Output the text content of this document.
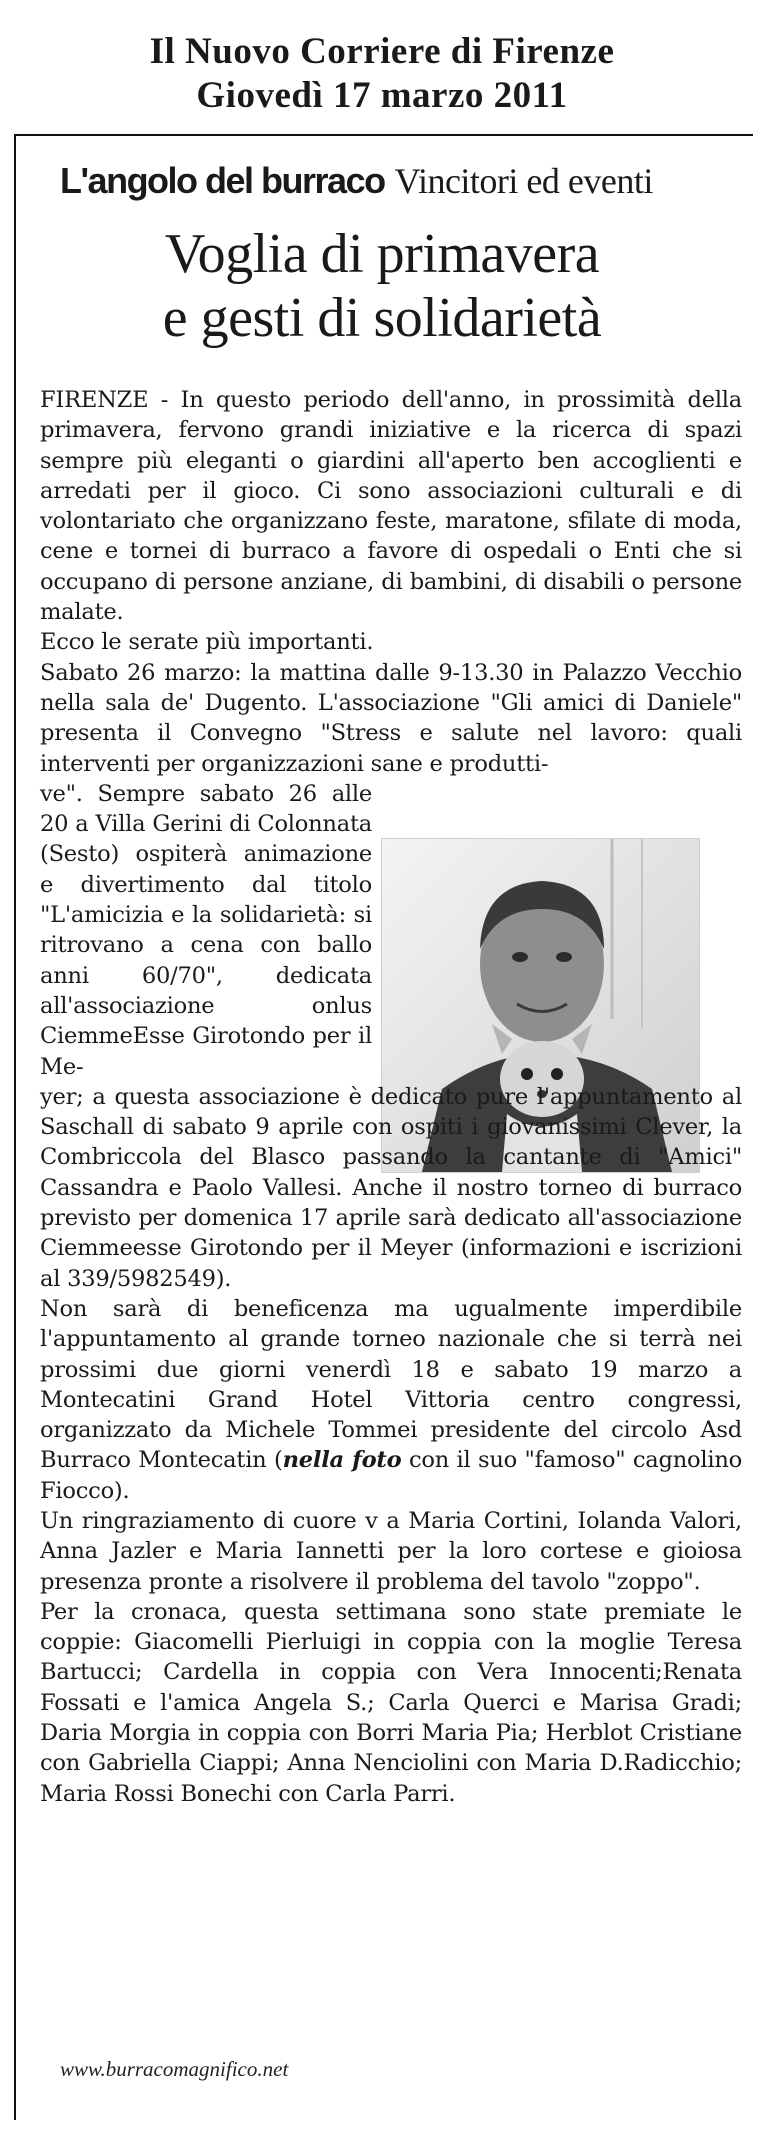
Il Nuovo Corriere di Firenze
Giovedì 17 marzo 2011
L'angolo del burraco Vincitori ed eventi
Voglia di primavera
e gesti di solidarietà

FIRENZE - In questo periodo dell'anno, in prossimità della primavera, fervono grandi iniziative e la ricerca di spazi sempre più eleganti o giardini all'aperto ben accoglienti e arredati per il gioco. Ci sono associazioni culturali e di volontariato che organizzano feste, maratone, sfilate di moda, cene e tornei di burraco a favore di ospedali o Enti che si occupano di persone anziane, di bambini, di disabili o persone malate.

Ecco le serate più importanti.

Sabato 26 marzo: la mattina dalle 9-13.30 in Palazzo Vecchio nella sala de' Dugento. L'associazione "Gli amici di Daniele" presenta il Convegno "Stress e salute nel lavoro: quali interventi per organizzazioni sane e produtti-

ve". Sempre sabato 26 alle 20 a Villa Gerini di Colonnata (Sesto) ospiterà animazione e divertimento dal titolo "L'amicizia e la solidarietà: si ritrovano a cena con ballo anni 60/70", dedicata all'associazione onlus CiemmeEsse Girotondo per il Me-

yer; a questa associazione è dedicato pure l'appuntamento al Saschall di sabato 9 aprile con ospiti i giovanissimi Clever, la Combriccola del Blasco passando la cantante di "Amici" Cassandra e Paolo Vallesi. Anche il nostro torneo di burraco previsto per domenica 17 aprile sarà dedicato all'associazione Ciemmeesse Girotondo per il Meyer (informazioni e iscrizioni al 339/5982549).

Non sarà di beneficenza ma ugualmente imperdibile l'appuntamento al grande torneo nazionale che si terrà nei prossimi due giorni venerdì 18 e sabato 19 marzo a Montecatini Grand Hotel Vittoria centro congressi, organizzato da Michele Tommei presidente del circolo Asd Burraco Montecatin (nella foto con il suo "famoso" cagnolino Fiocco).

Un ringraziamento di cuore v a Maria Cortini, Iolanda Valori, Anna Jazler e Maria Iannetti per la loro cortese e gioiosa presenza pronte a risolvere il problema del tavolo "zoppo".

Per la cronaca, questa settimana sono state premiate le coppie: Giacomelli Pierluigi in coppia con la moglie Teresa Bartucci; Cardella in coppia con Vera Innocenti;Renata Fossati e l'amica Angela S.; Carla Querci e Marisa Gradi; Daria Morgia in coppia con Borri Maria Pia; Herblot Cristiane con Gabriella Ciappi; Anna Nenciolini con Maria D.Radicchio; Maria Rossi Bonechi con Carla Parri.

www.burracomagnifico.net
